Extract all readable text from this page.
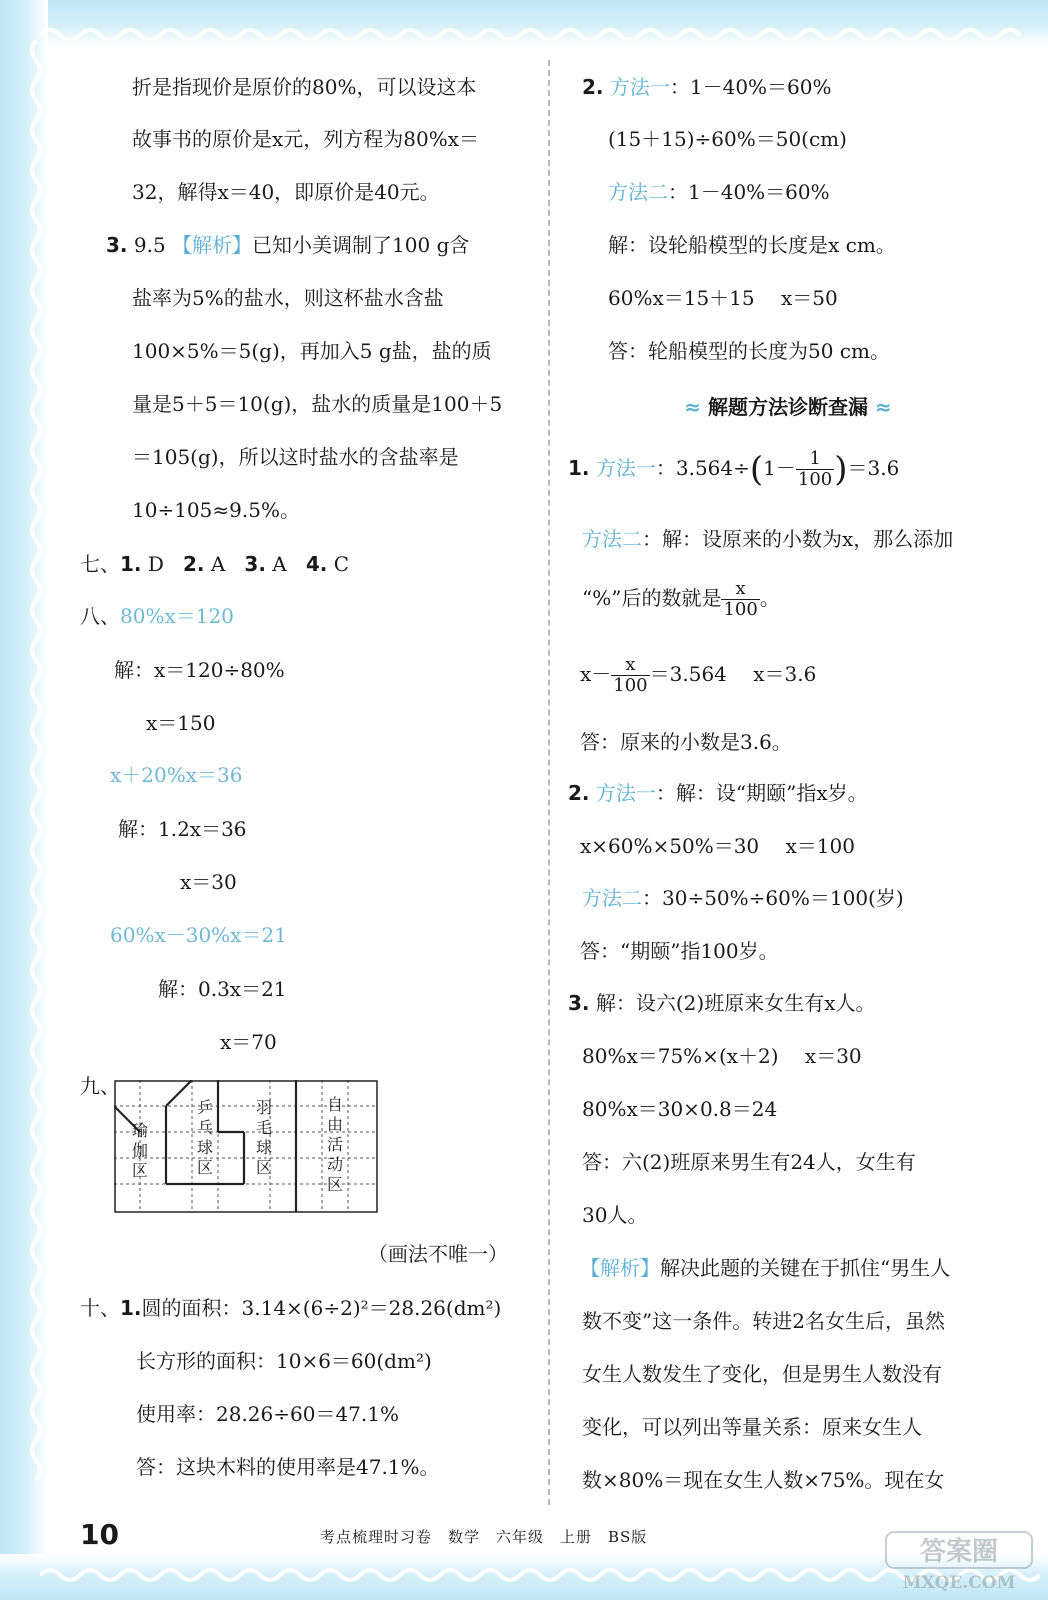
折是指现价是原价的80%，可以设这本
故事书的原价是x元，列方程为80%x＝
32，解得x＝40，即原价是40元。
3. 9.5 【解析】已知小美调制了100 g含
盐率为5%的盐水，则这杯盐水含盐
100×5%＝5(g)，再加入5 g盐，盐的质
量是5＋5＝10(g)，盐水的质量是100＋5
＝105(g)，所以这时盐水的含盐率是
10÷105≈9.5%。
七、1. D 2. A 3. A 4. C
八、80%x＝120
解：x＝120÷80%
x＝150
x＋20%x＝36
解：1.2x＝36
x＝30
60%x－30%x＝21
解：0.3x＝21
x＝70
九、
瑜
伽
区
乒
乓
球
区
羽
毛
球
区
自
由
活
动
区
（画法不唯一）
十、1.圆的面积：3.14×(6÷2)²＝28.26(dm²)
长方形的面积：10×6＝60(dm²)
使用率：28.26÷60＝47.1%
答：这块木料的使用率是47.1%。
2. 方法一：1－40%＝60%
(15＋15)÷60%＝50(cm)
方法二：1－40%＝60%
解：设轮船模型的长度是x cm。
60%x＝15＋15　 x＝50
答：轮船模型的长度为50 cm。
≈ 解题方法诊断查漏 ≈
1. 方法一：$3.564\div(1- \frac{1}{100} )=3.6$
方法二：解：设原来的小数为x，那么添加
“%”后的数就是 $\frac{x}{100}$ 。
$x- \frac{x}{100} =3.564$　 x＝3.6
答：原来的小数是3.6。
2. 方法一：解：设“期颐”指x岁。
x×60%×50%＝30　 x＝100
方法二：30÷50%÷60%＝100(岁)
答：“期颐”指100岁。
3. 解：设六(2)班原来女生有x人。
80%x＝75%×(x＋2)　 x＝30
80%x＝30×0.8＝24
答：六(2)班原来男生有24人，女生有
30人。
【解析】解决此题的关键在于抓住“男生人
数不变”这一条件。转进2名女生后，虽然
女生人数发生了变化，但是男生人数没有
变化，可以列出等量关系：原来女生人
数×80%＝现在女生人数×75%。现在女
10	考点梳理时习卷　数学　六年级　上册　BS版	答案圈
MXQE.COM
